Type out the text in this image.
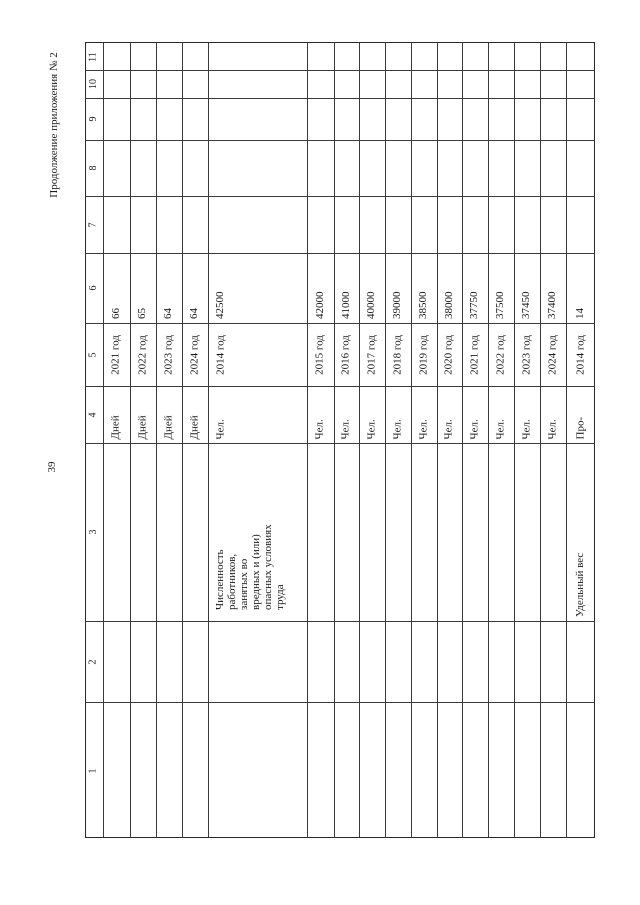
39
Продолжение приложения № 2
1
2
3
4
5
6
7
8
9
10
11
Дней
2021 год
66
Дней
2022 год
65
Дней
2023 год
64
Дней
2024 год
64
Чел.
2014 год
42500
Чел.
2015 год
42000
Чел.
2016 год
41000
Чел.
2017 год
40000
Чел.
2018 год
39000
Чел.
2019 год
38500
Чел.
2020 год
38000
Чел.
2021 год
37750
Чел.
2022 год
37500
Чел.
2023 год
37450
Чел.
2024 год
37400
Про-
2014 год
14
Численность работников, занятых во вредных и (или) опасных условиях труда	Удельный вес
